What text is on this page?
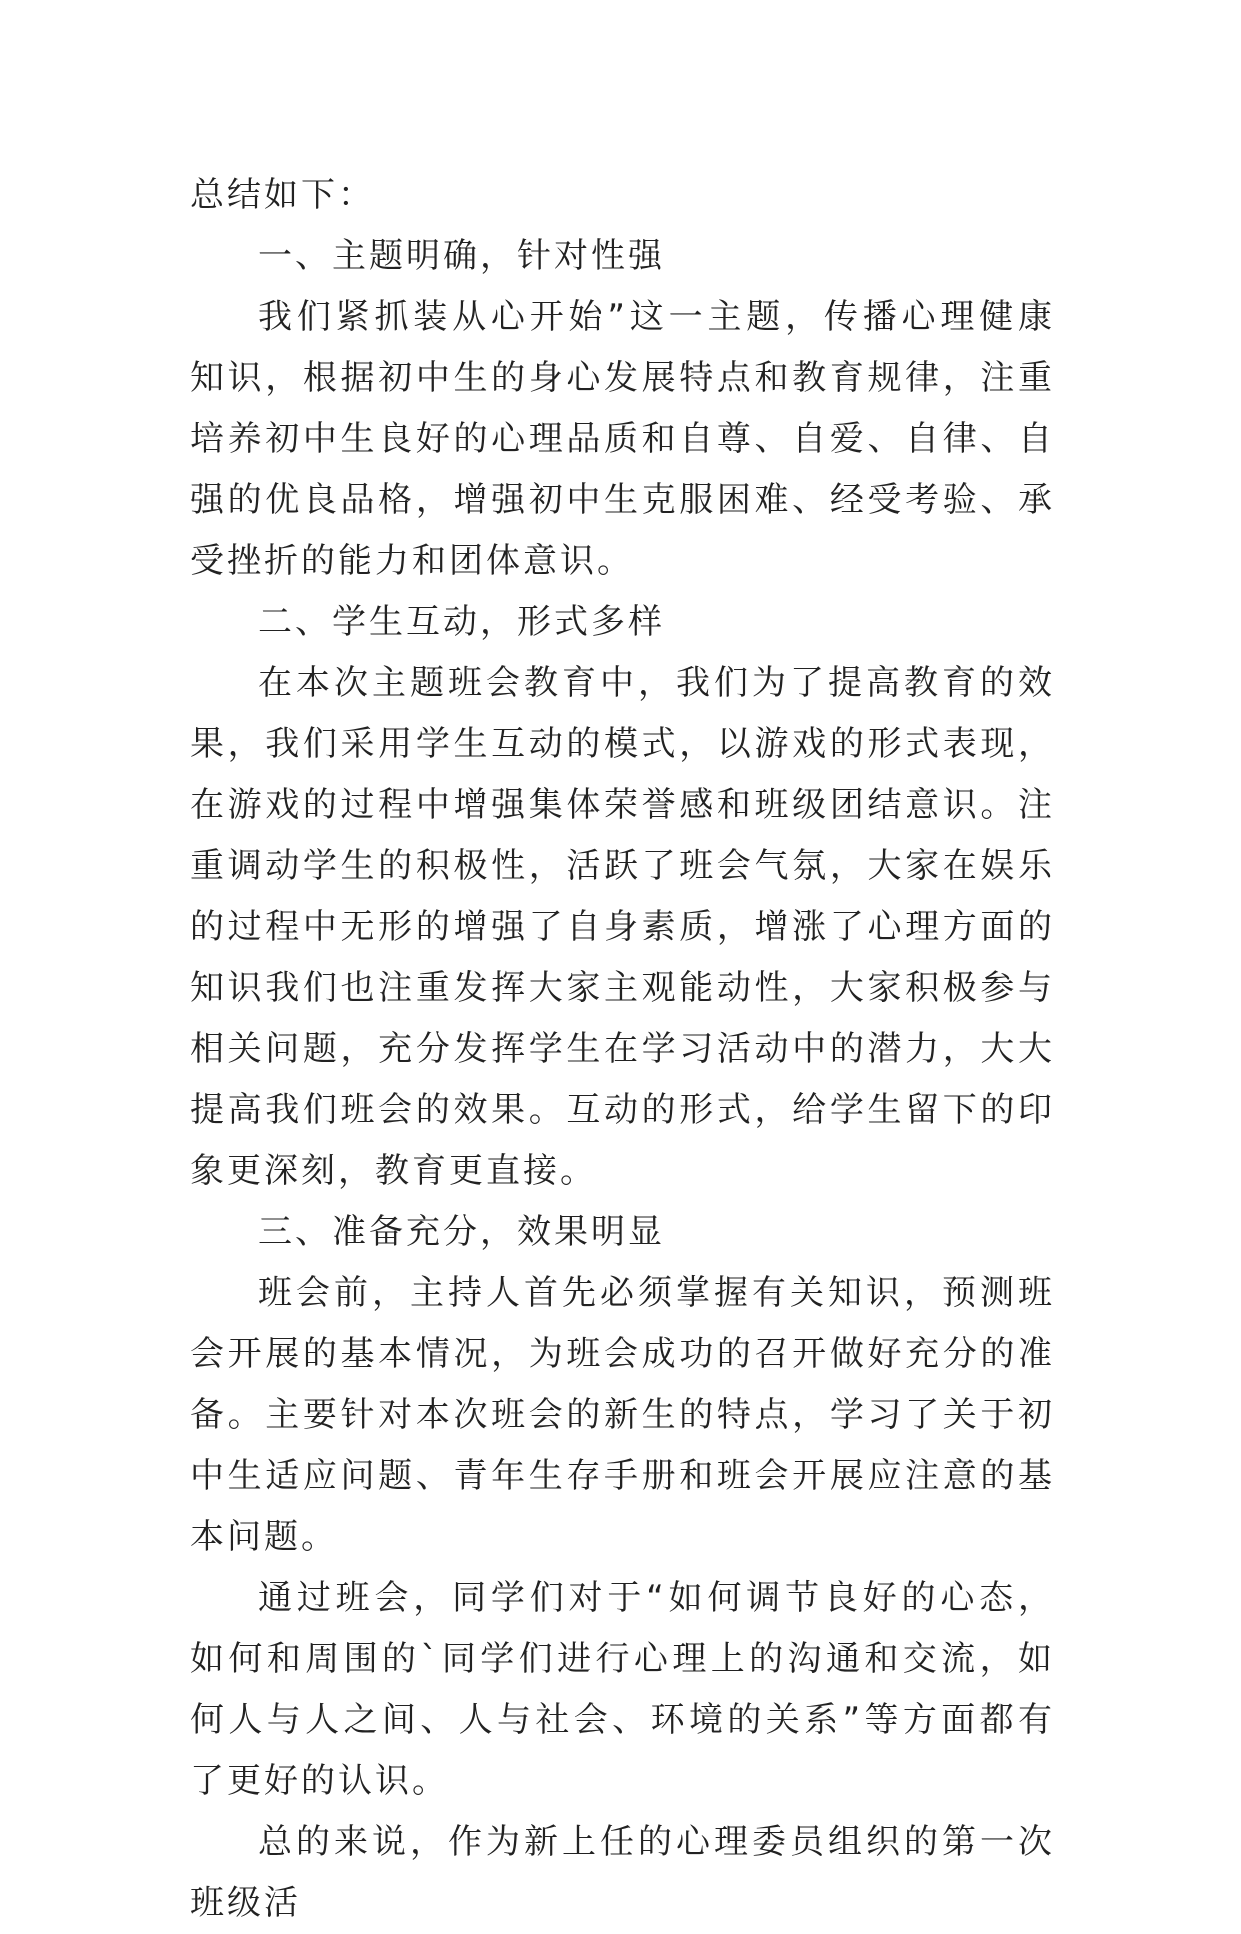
总结如下：

一、主题明确，针对性强

我们紧抓装从心开始”这一主题，传播心理健康知识，根据初中生的身心发展特点和教育规律，注重培养初中生良好的心理品质和自尊、自爱、自律、自强的优良品格，增强初中生克服困难、经受考验、承受挫折的能力和团体意识。

二、学生互动，形式多样

在本次主题班会教育中，我们为了提高教育的效果，我们采用学生互动的模式，以游戏的形式表现，在游戏的过程中增强集体荣誉感和班级团结意识。注重调动学生的积极性，活跃了班会气氛，大家在娱乐的过程中无形的增强了自身素质，增涨了心理方面的知识我们也注重发挥大家主观能动性，大家积极参与相关问题，充分发挥学生在学习活动中的潜力，大大提高我们班会的效果。互动的形式，给学生留下的印象更深刻，教育更直接。

三、准备充分，效果明显

班会前，主持人首先必须掌握有关知识，预测班会开展的基本情况，为班会成功的召开做好充分的准备。主要针对本次班会的新生的特点，学习了关于初中生适应问题、青年生存手册和班会开展应注意的基本问题。

通过班会，同学们对于“如何调节良好的心态，如何和周围的`同学们进行心理上的沟通和交流，如何人与人之间、人与社会、环境的关系”等方面都有了更好的认识。

总的来说，作为新上任的心理委员组织的第一次班级活
